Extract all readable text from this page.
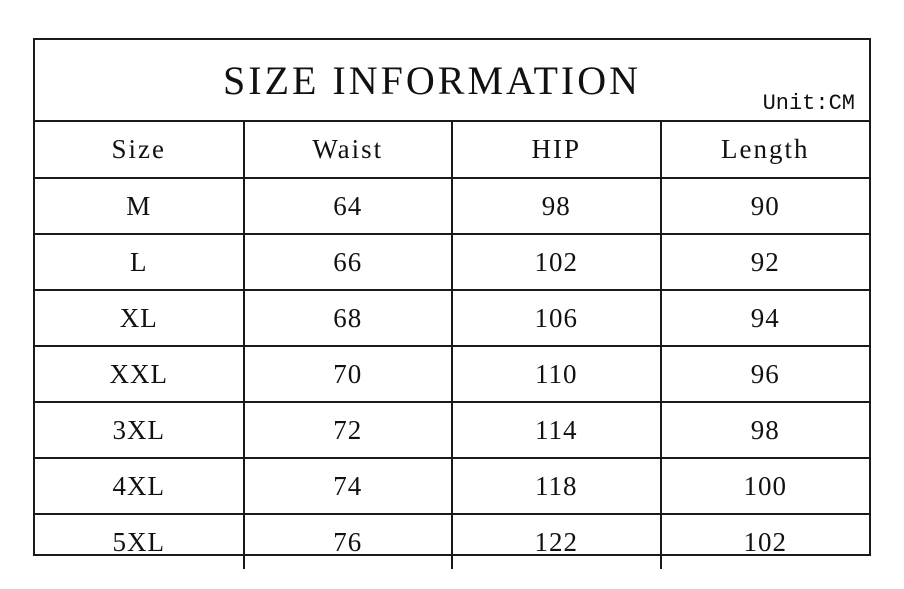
SIZE INFORMATION
Unit:CM			

Size	Waist	HIP	Length
M	64	98	90
L	66	102	92
XL	68	106	94
XXL	70	110	96
3XL	72	114	98
4XL	74	118	100
5XL	76	122	102
